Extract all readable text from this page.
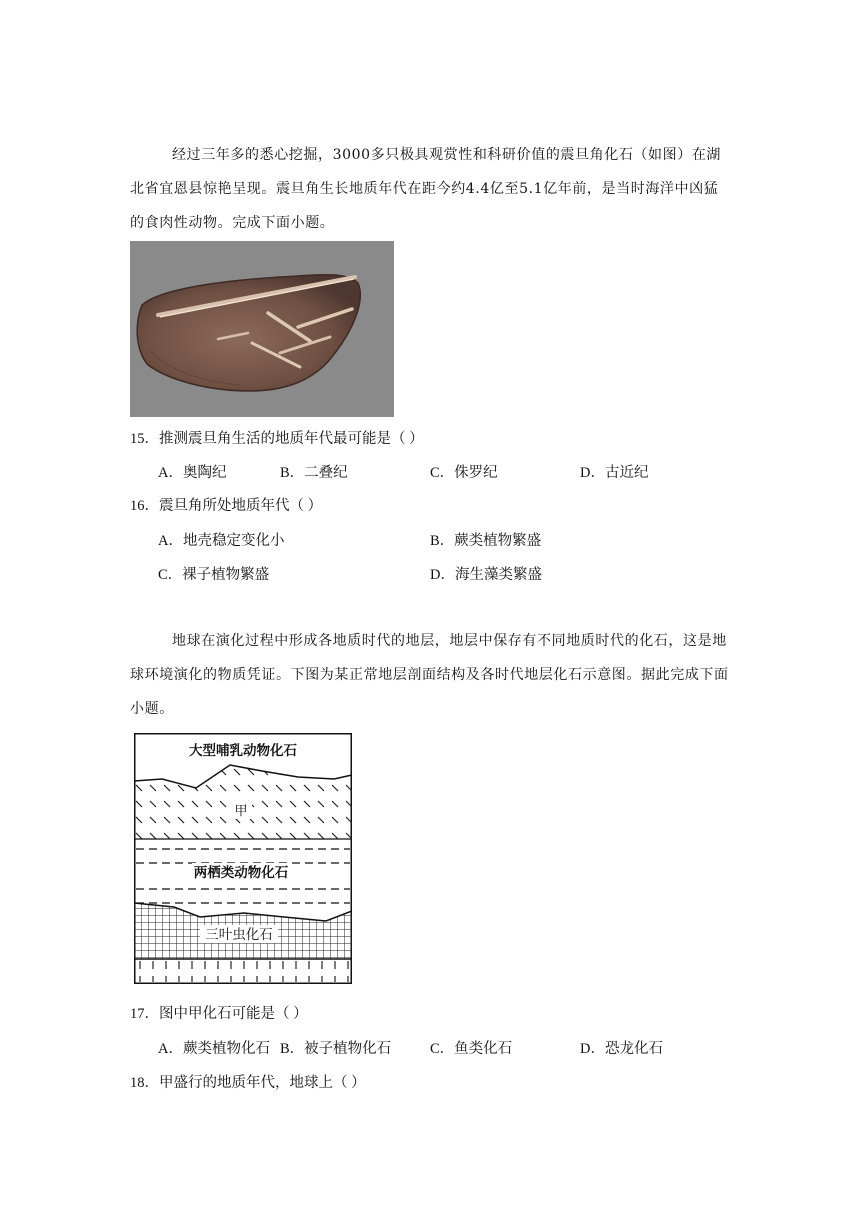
经过三年多的悉心挖掘，3000多只极具观赏性和科研价值的震旦角化石（如图）在湖北省宜恩县惊艳呈现。震旦角生长地质年代在距今约4.4亿至5.1亿年前，是当时海洋中凶猛的食肉性动物。完成下面小题。

15．推测震旦角生活的地质年代最可能是（ ）
A．奥陶纪	B．二叠纪	C．侏罗纪	D．古近纪
16．震旦角所处地质年代（ ）
A．地壳稳定变化小	B．蕨类植物繁盛
C．裸子植物繁盛	D．海生藻类繁盛

地球在演化过程中形成各地质时代的地层，地层中保存有不同地质时代的化石，这是地球环境演化的物质凭证。下图为某正常地层剖面结构及各时代地层化石示意图。据此完成下面小题。

大型哺乳动物化石
甲
两栖类动物化石
三叶虫化石
17．图中甲化石可能是（ ）
A．蕨类植物化石 B．被子植物化石	C．鱼类化石	D．恐龙化石
18．甲盛行的地质年代，地球上（ ）
